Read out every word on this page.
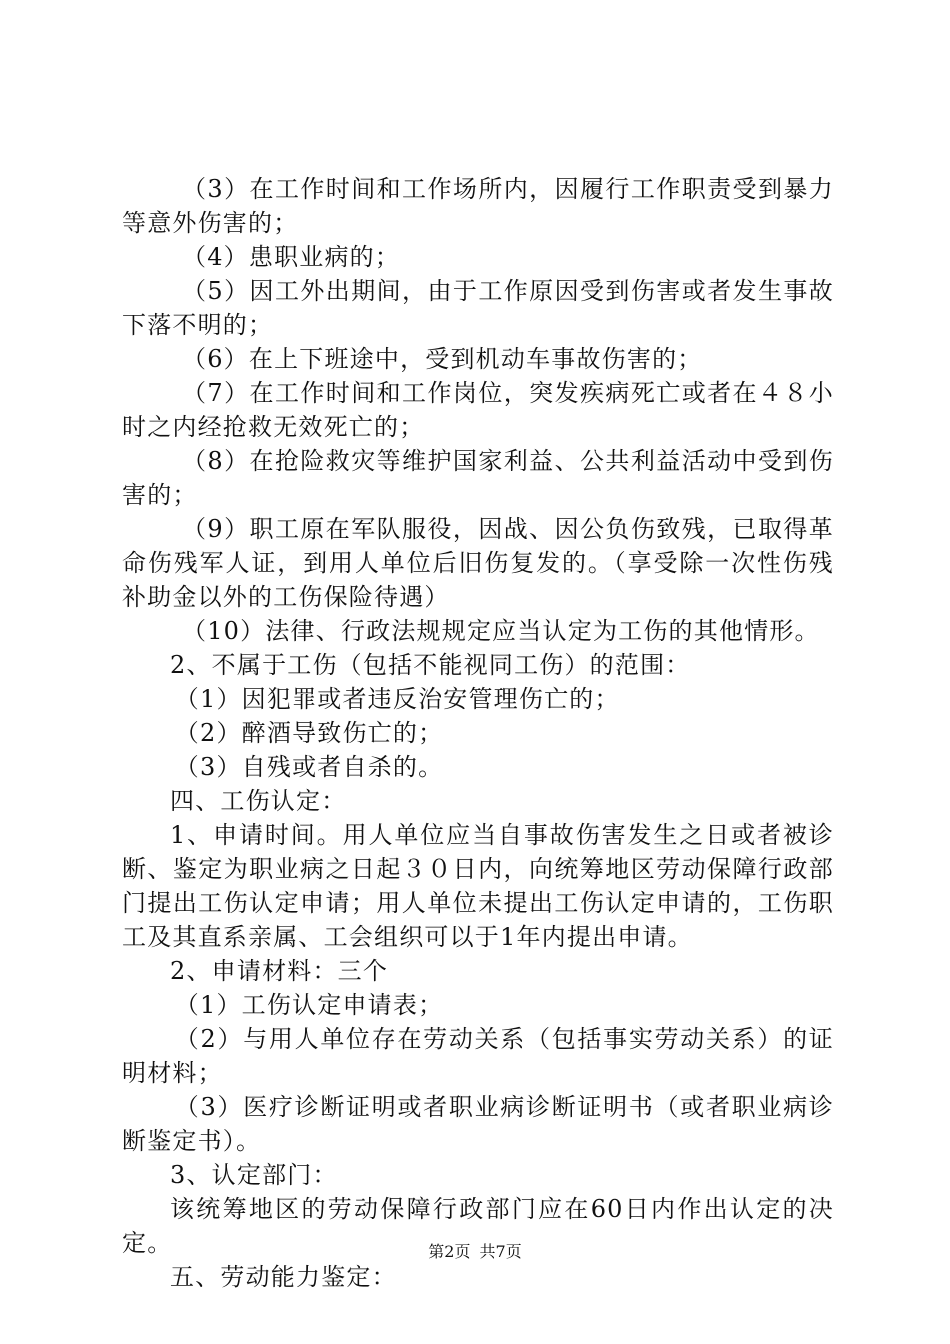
（3）在工作时间和工作场所内，因履行工作职责受到暴力等意外伤害的；

（4）患职业病的；

（5）因工外出期间，由于工作原因受到伤害或者发生事故下落不明的；

（6）在上下班途中，受到机动车事故伤害的；

（7）在工作时间和工作岗位，突发疾病死亡或者在４８小时之内经抢救无效死亡的；

（8）在抢险救灾等维护国家利益、公共利益活动中受到伤害的；

（9）职工原在军队服役，因战、因公负伤致残，已取得革命伤残军人证，到用人单位后旧伤复发的。（享受除一次性伤残补助金以外的工伤保险待遇）

（10）法律、行政法规规定应当认定为工伤的其他情形。

2、不属于工伤（包括不能视同工伤）的范围：

（1）因犯罪或者违反治安管理伤亡的；

（2）醉酒导致伤亡的；

（3）自残或者自杀的。

四、工伤认定：

1、申请时间。用人单位应当自事故伤害发生之日或者被诊断、鉴定为职业病之日起３０日内，向统筹地区劳动保障行政部门提出工伤认定申请；用人单位未提出工伤认定申请的，工伤职工及其直系亲属、工会组织可以于1年内提出申请。

2、申请材料：三个

（1）工伤认定申请表；

（2）与用人单位存在劳动关系（包括事实劳动关系）的证明材料；

（3）医疗诊断证明或者职业病诊断证明书（或者职业病诊断鉴定书）。

3、认定部门：

该统筹地区的劳动保障行政部门应在60日内作出认定的决定。

五、劳动能力鉴定：

第2页 共7页
